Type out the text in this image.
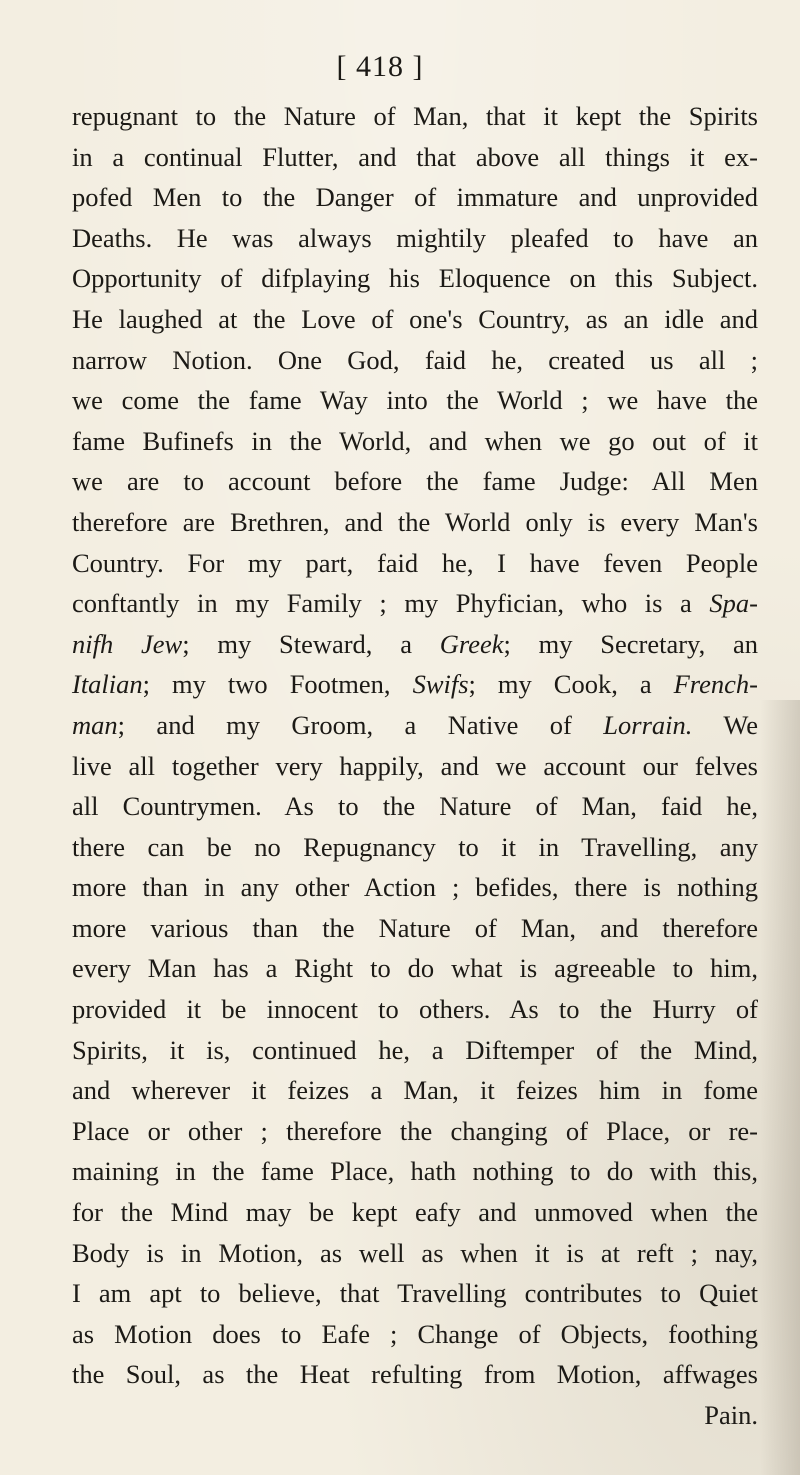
[ 418 ]
repugnant to the Nature of Man, that it kept the Spirits
in a continual Flutter, and that above all things it ex-
pofed Men to the Danger of immature and unprovided
Deaths. He was always mightily pleafed to have an
Opportunity of difplaying his Eloquence on this Subject.
He laughed at the Love of one's Country, as an idle and
narrow Notion. One God, faid he, created us all ;
we come the fame Way into the World ; we have the
fame Bufinefs in the World, and when we go out of it
we are to account before the fame Judge: All Men
therefore are Brethren, and the World only is every Man's
Country. For my part, faid he, I have feven People
conftantly in my Family ; my Phyfician, who is a Spa-
nifh Jew; my Steward, a Greek; my Secretary, an
Italian; my two Footmen, Swifs; my Cook, a French-
man; and my Groom, a Native of Lorrain. We
live all together very happily, and we account our felves
all Countrymen. As to the Nature of Man, faid he,
there can be no Repugnancy to it in Travelling, any
more than in any other Action ; befides, there is nothing
more various than the Nature of Man, and therefore
every Man has a Right to do what is agreeable to him,
provided it be innocent to others. As to the Hurry of
Spirits, it is, continued he, a Diftemper of the Mind,
and wherever it feizes a Man, it feizes him in fome
Place or other ; therefore the changing of Place, or re-
maining in the fame Place, hath nothing to do with this,
for the Mind may be kept eafy and unmoved when the
Body is in Motion, as well as when it is at reft ; nay,
I am apt to believe, that Travelling contributes to Quiet
as Motion does to Eafe ; Change of Objects, foothing
the Soul, as the Heat refulting from Motion, affwages
Pain.
